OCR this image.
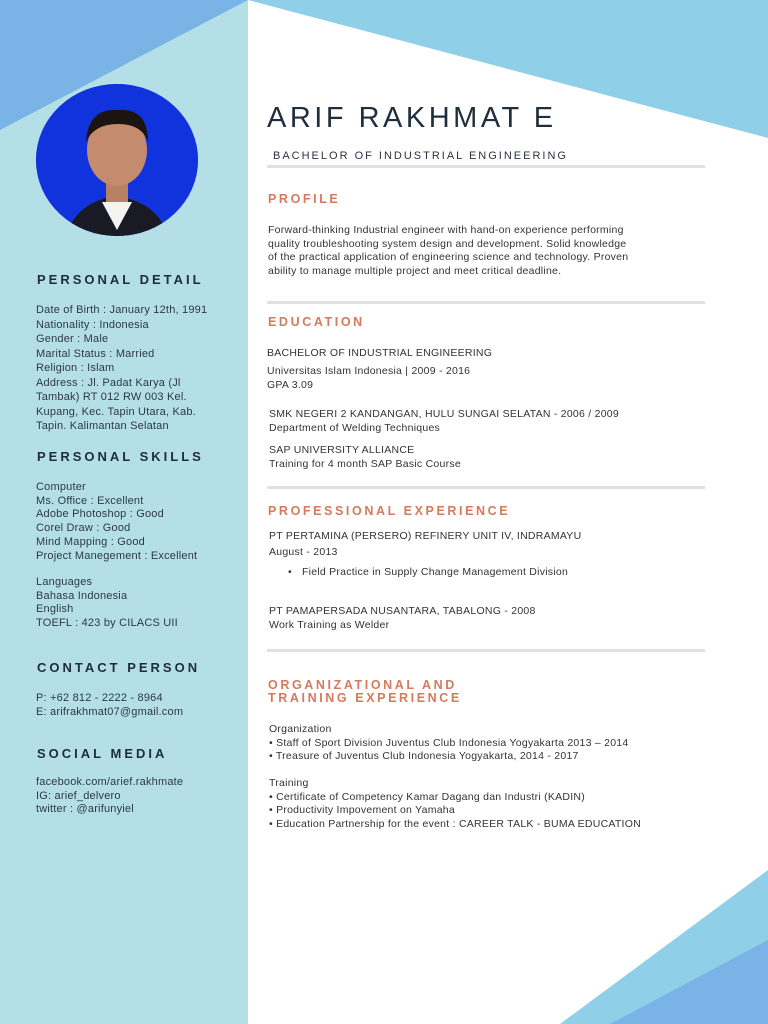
PERSONAL DETAIL
Date of Birth : January 12th, 1991
Nationality : Indonesia
Gender : Male
Marital Status : Married
Religion : Islam
Address : Jl. Padat Karya (Jl
Tambak) RT 012 RW 003 Kel.
Kupang, Kec. Tapin Utara, Kab.
Tapin. Kalimantan Selatan
PERSONAL SKILLS
Computer
Ms. Office : Excellent
Adobe Photoshop : Good
Corel Draw : Good
Mind Mapping : Good
Project Manegement : Excellent
Languages
Bahasa Indonesia
English
TOEFL : 423 by CILACS UII
CONTACT PERSON
P: +62 812 - 2222 - 8964
E: arifrakhmat07@gmail.com
SOCIAL MEDIA
facebook.com/arief.rakhmate
IG: arief_delvero
twitter : @arifunyiel
ARIF RAKHMAT E
BACHELOR OF INDUSTRIAL ENGINEERING
PROFILE
Forward-thinking Industrial engineer with hand-on experience performing
quality troubleshooting system design and development. Solid knowledge
of the practical application of engineering science and technology. Proven
ability to manage multiple project and meet critical deadline.
EDUCATION
BACHELOR OF INDUSTRIAL ENGINEERING
Universitas Islam Indonesia | 2009 - 2016
GPA 3.09
SMK NEGERI 2 KANDANGAN, HULU SUNGAI SELATAN - 2006 / 2009
Department of Welding Techniques
SAP UNIVERSITY ALLIANCE
Training for 4 month SAP Basic Course
PROFESSIONAL EXPERIENCE
PT PERTAMINA (PERSERO) REFINERY UNIT IV, INDRAMAYU
August - 2013
• Field Practice in Supply Change Management Division
PT PAMAPERSADA NUSANTARA, TABALONG - 2008
Work Training as Welder
ORGANIZATIONAL AND
TRAINING EXPERIENCE
Organization
• Staff of Sport Division Juventus Club Indonesia Yogyakarta 2013 – 2014
• Treasure of Juventus Club Indonesia Yogyakarta, 2014 - 2017
Training
• Certificate of Competency Kamar Dagang dan Industri (KADIN)
• Productivity Impovement on Yamaha
• Education Partnership for the event : CAREER TALK - BUMA EDUCATION
